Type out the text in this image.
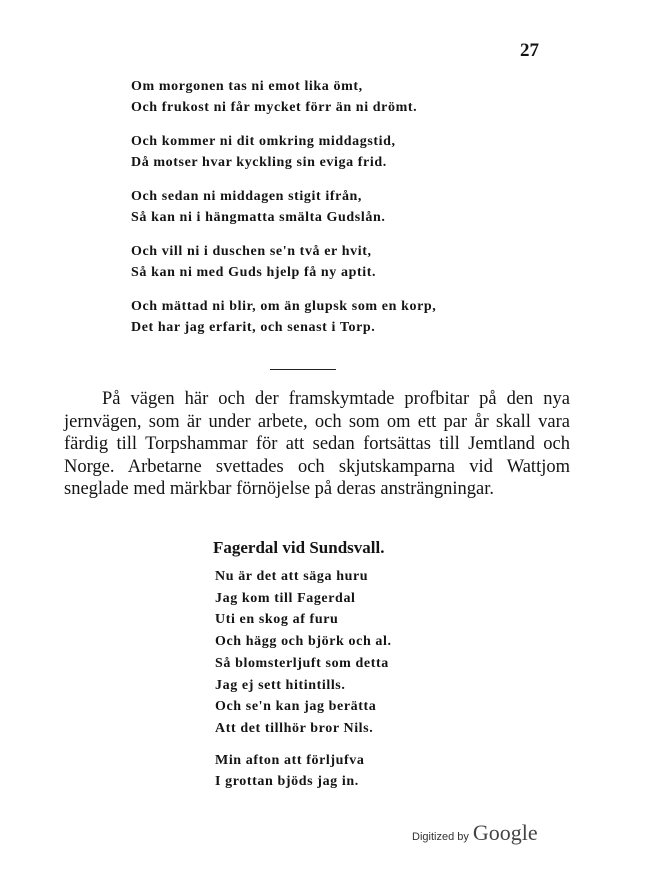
27
Om morgonen tas ni emot lika ömt,
Och frukost ni får mycket förr än ni drömt.
Och kommer ni dit omkring middagstid,
Då motser hvar kyckling sin eviga frid.
Och sedan ni middagen stigit ifrån,
Så kan ni i hängmatta smälta Gudslån.
Och vill ni i duschen se'n två er hvit,
Så kan ni med Guds hjelp få ny aptit.
Och mättad ni blir, om än glupsk som en korp,
Det har jag erfarit, och senast i Torp.

På vägen här och der framskymtade profbitar på den nya jernvägen, som är under arbete, och som om ett par år skall vara färdig till Torpshammar för att sedan fortsättas till Jemtland och Norge. Arbetarne svettades och skjutskamparna vid Wattjom sneglade med märkbar förnöjelse på deras ansträngningar.

Fagerdal vid Sundsvall.
Nu är det att säga huru
Jag kom till Fagerdal
Uti en skog af furu
Och hägg och björk och al.
Så blomsterljuft som detta
Jag ej sett hitintills.
Och se'n kan jag berätta
Att det tillhör bror Nils.
Min afton att förljufva
I grottan bjöds jag in.
Digitized by Google
